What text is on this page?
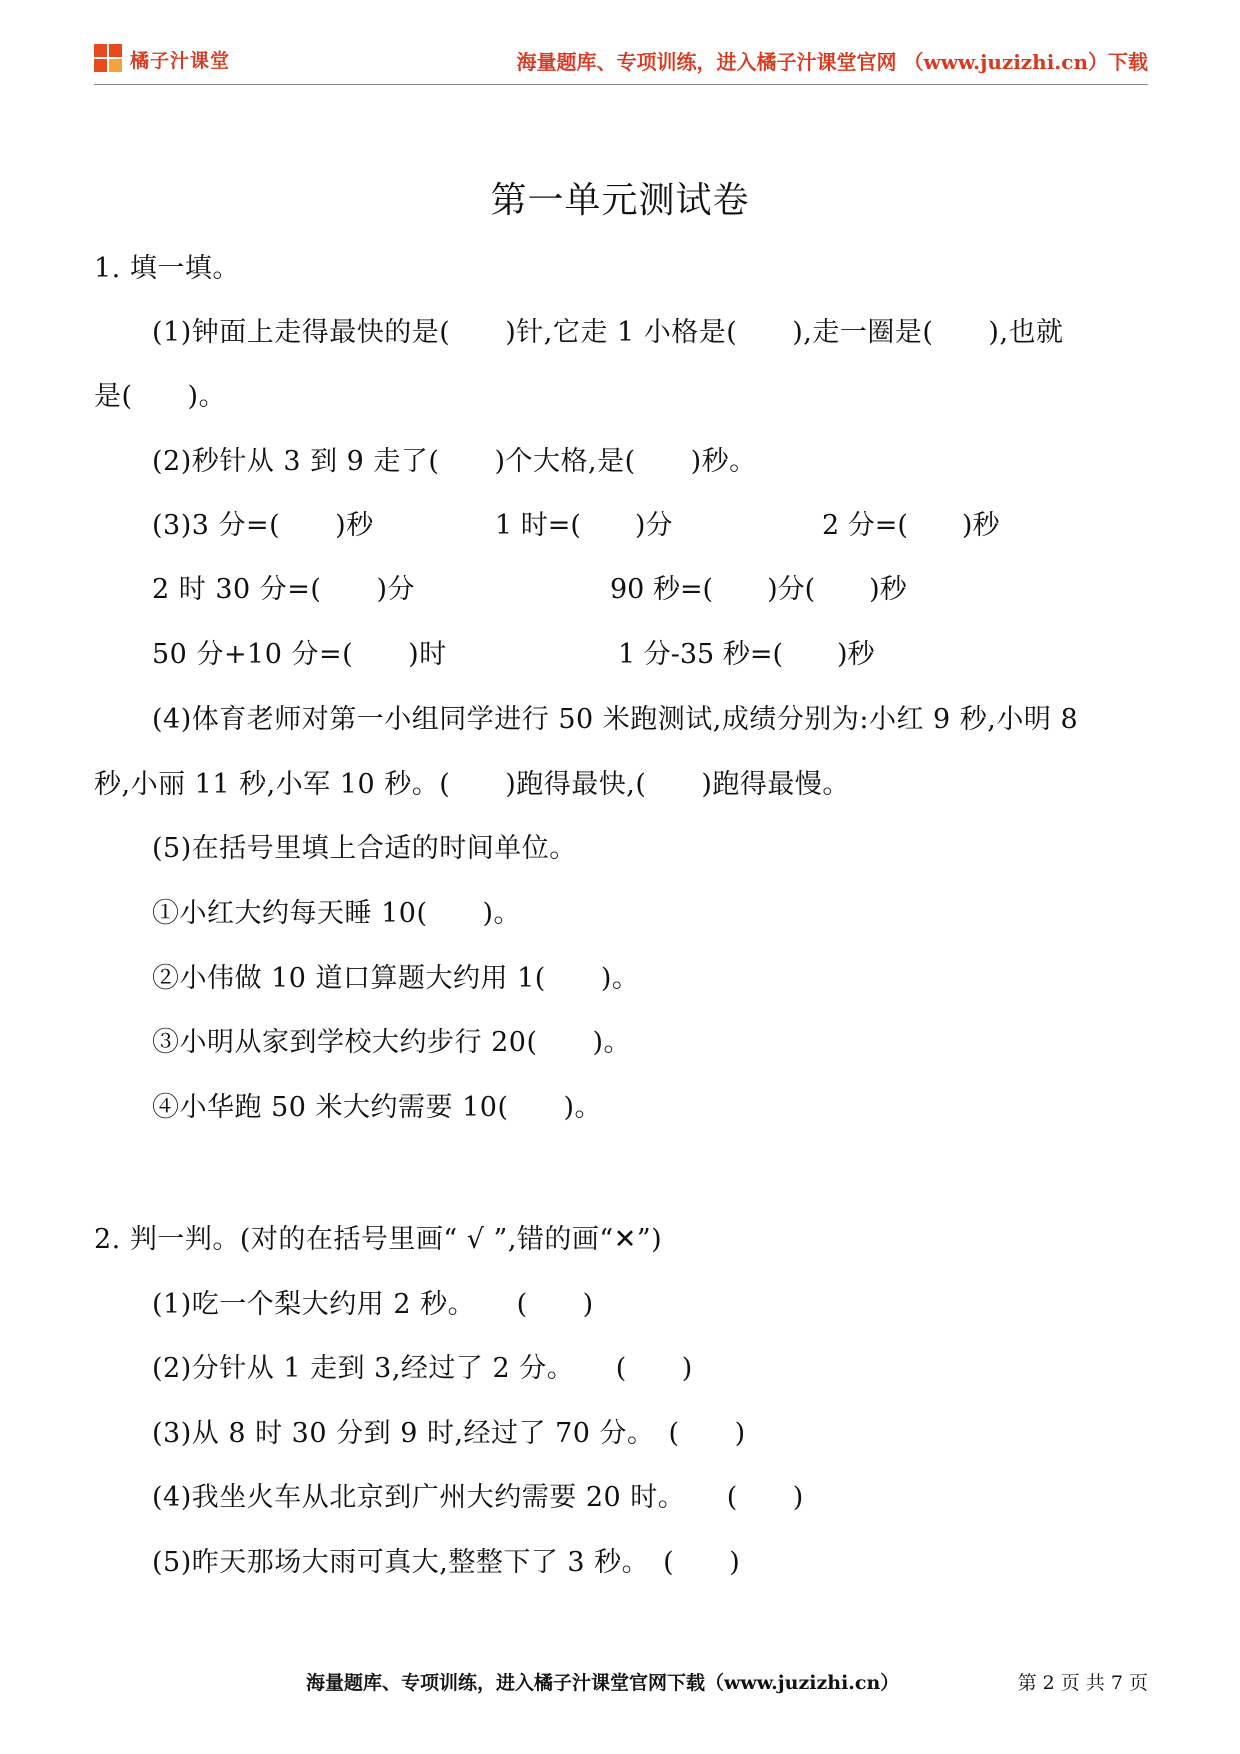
橘子汁课堂	海量题库、专项训练，进入橘子汁课堂官网 （www.juzizhi.cn）下载
第一单元测试卷
1. 填一填。
(1)钟面上走得最快的是(　　)针,它走 1 小格是(　　),走一圈是(　　),也就
是(　　)。
(2)秒针从 3 到 9 走了(　　)个大格,是(　　)秒。
(3)3 分=(　　)秒	1 时=(　　)分	2 分=(　　)秒
2 时 30 分=(　　)分	90 秒=(　　)分(　　)秒
50 分+10 分=(　　)时	1 分-35 秒=(　　)秒
(4)体育老师对第一小组同学进行 50 米跑测试,成绩分别为:小红 9 秒,小明 8
秒,小丽 11 秒,小军 10 秒。(　　)跑得最快,(　　)跑得最慢。
(5)在括号里填上合适的时间单位。
①小红大约每天睡 10(　　)。
②小伟做 10 道口算题大约用 1(　　)。
③小明从家到学校大约步行 20(　　)。
④小华跑 50 米大约需要 10(　　)。
2. 判一判。(对的在括号里画“ √ ”,错的画“✕”)
(1)吃一个梨大约用 2 秒。　　(　　)
(2)分针从 1 走到 3,经过了 2 分。　　(　　)
(3)从 8 时 30 分到 9 时,经过了 70 分。　(　　)
(4)我坐火车从北京到广州大约需要 20 时。　　(　　)
(5)昨天那场大雨可真大,整整下了 3 秒。　(　　)
海量题库、专项训练，进入橘子汁课堂官网下载（www.juzizhi.cn）	第 2 页 共 7 页
